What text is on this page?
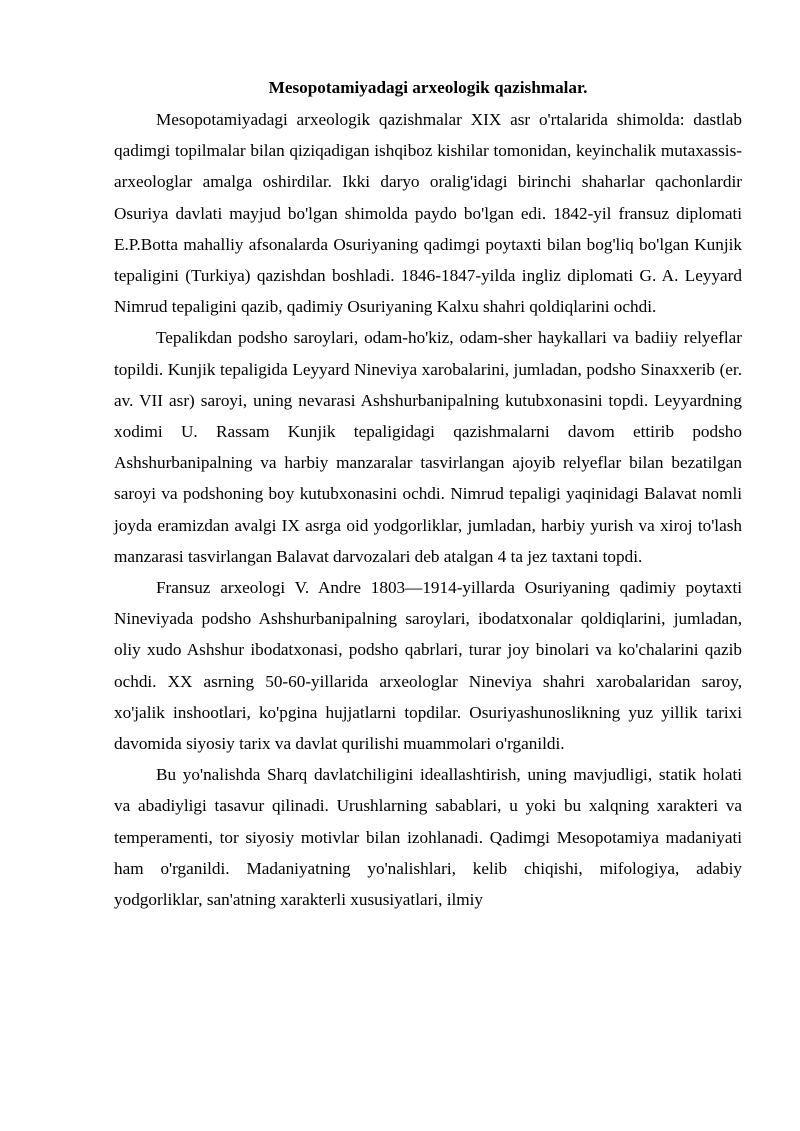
Mesopotamiyadagi arxeologik qazishmalar.

Mesopotamiyadagi arxeologik qazishmalar XIX asr o'rtalarida shimolda: dastlab qadimgi topilmalar bilan qiziqadigan ishqiboz kishilar tomonidan, keyinchalik mutaxassis-arxeologlar amalga oshirdilar. Ikki daryo oralig'idagi birinchi shaharlar qachonlardir Osuriya davlati mayjud bo'lgan shimolda paydo bo'lgan edi. 1842-yil fransuz diplomati E.P.Botta mahalliy afsonalarda Osuriyaning qadimgi poytaxti bilan bog'liq bo'lgan Kunjik tepaligini (Turkiya) qazishdan boshladi. 1846-1847-yilda ingliz diplomati G. A. Leyyard Nimrud tepaligini qazib, qadimiy Osuriyaning Kalxu shahri qoldiqlarini ochdi.

Tepalikdan podsho saroylari, odam-ho'kiz, odam-sher haykallari va badiiy relyeflar topildi. Kunjik tepaligida Leyyard Nineviya xarobalarini, jumladan, podsho Sinaxxerib (er. av. VII asr) saroyi, uning nevarasi Ashshurbanipalning kutubxonasini topdi. Leyyardning xodimi U. Rassam Kunjik tepaligidagi qazishmalarni davom ettirib podsho Ashshurbanipalning va harbiy manzaralar tasvirlangan ajoyib relyeflar bilan bezatilgan saroyi va podshoning boy kutubxonasini ochdi. Nimrud tepaligi yaqinidagi Balavat nomli joyda eramizdan avalgi IX asrga oid yodgorliklar, jumladan, harbiy yurish va xiroj to'lash manzarasi tasvirlangan Balavat darvozalari deb atalgan 4 ta jez taxtani topdi.

Fransuz arxeologi V. Andre 1803—1914-yillarda Osuriyaning qadimiy poytaxti Nineviyada podsho Ashshurbanipalning saroylari, ibodatxonalar qoldiqlarini, jumladan, oliy xudo Ashshur ibodatxonasi, podsho qabrlari, turar joy binolari va ko'chalarini qazib ochdi. XX asrning 50-60-yillarida arxeologlar Nineviya shahri xarobalaridan saroy, xo'jalik inshootlari, ko'pgina hujjatlarni topdilar. Osuriyashunoslikning yuz yillik tarixi davomida siyosiy tarix va davlat qurilishi muammolari o'rganildi.

Bu yo'nalishda Sharq davlatchiligini ideallashtirish, uning mavjudligi, statik holati va abadiyligi tasavur qilinadi. Urushlarning sabablari, u yoki bu xalqning xarakteri va temperamenti, tor siyosiy motivlar bilan izohlanadi. Qadimgi Mesopotamiya madaniyati ham o'rganildi. Madaniyatning yo'nalishlari, kelib chiqishi, mifologiya, adabiy yodgorliklar, san'atning xarakterli xususiyatlari, ilmiy
